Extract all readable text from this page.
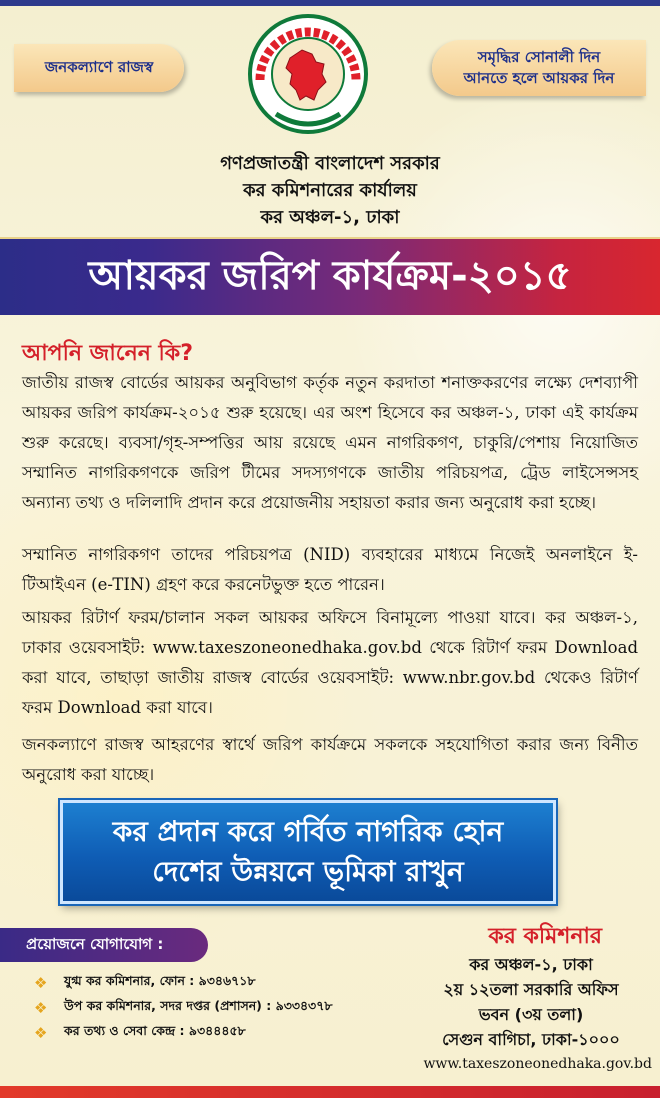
জনকল্যাণে রাজস্ব
সমৃদ্ধির সোনালী দিন
আনতে হলে আয়কর দিন
গণপ্রজাতন্ত্রী বাংলাদেশ সরকার
কর কমিশনারের কার্যালয়
কর অঞ্চল-১, ঢাকা
আয়কর জরিপ কার্যক্রম-২০১৫
আপনি জানেন কি?

জাতীয় রাজস্ব বোর্ডের আয়কর অনুবিভাগ কর্তৃক নতুন করদাতা শনাক্তকরণের লক্ষ্যে দেশব্যাপী আয়কর জরিপ কার্যক্রম-২০১৫ শুরু হয়েছে। এর অংশ হিসেবে কর অঞ্চল-১, ঢাকা এই কার্যক্রম শুরু করেছে। ব্যবসা/গৃহ-সম্পত্তির আয় রয়েছে এমন নাগরিকগণ, চাকুরি/পেশায় নিয়োজিত সম্মানিত নাগরিকগণকে জরিপ টীমের সদস্যগণকে জাতীয় পরিচয়পত্র, ট্রেড লাইসেন্সসহ অন্যান্য তথ্য ও দলিলাদি প্রদান করে প্রয়োজনীয় সহায়তা করার জন্য অনুরোধ করা হচ্ছে।

সম্মানিত নাগরিকগণ তাদের পরিচয়পত্র (NID) ব্যবহারের মাধ্যমে নিজেই অনলাইনে ই-টিআইএন (e-TIN) গ্রহণ করে করনেটভুক্ত হতে পারেন।

আয়কর রিটার্ণ ফরম/চালান সকল আয়কর অফিসে বিনামূল্যে পাওয়া যাবে। কর অঞ্চল-১, ঢাকার ওয়েবসাইট: www.taxeszoneonedhaka.gov.bd থেকে রিটার্ণ ফরম Download করা যাবে, তাছাড়া জাতীয় রাজস্ব বোর্ডের ওয়েবসাইট: www.nbr.gov.bd থেকেও রিটার্ণ ফরম Download করা যাবে।

জনকল্যাণে রাজস্ব আহরণের স্বার্থে জরিপ কার্যক্রমে সকলকে সহযোগিতা করার জন্য বিনীত অনুরোধ করা যাচ্ছে।

কর প্রদান করে গর্বিত নাগরিক হোন
দেশের উন্নয়নে ভূমিকা রাখুন
প্রয়োজনে যোগাযোগ :
❖	যুগ্ম কর কমিশনার, ফোন : ৯৩৪৬৭১৮
❖	উপ কর কমিশনার, সদর দপ্তর (প্রশাসন) : ৯৩৩৪৩৭৮
❖	কর তথ্য ও সেবা কেন্দ্র : ৯৩৪৪৪৫৮
কর কমিশনার
কর অঞ্চল-১, ঢাকা
২য় ১২তলা সরকারি অফিস
ভবন (৩য় তলা)
সেগুন বাগিচা, ঢাকা-১০০০
www.taxeszoneonedhaka.gov.bd
